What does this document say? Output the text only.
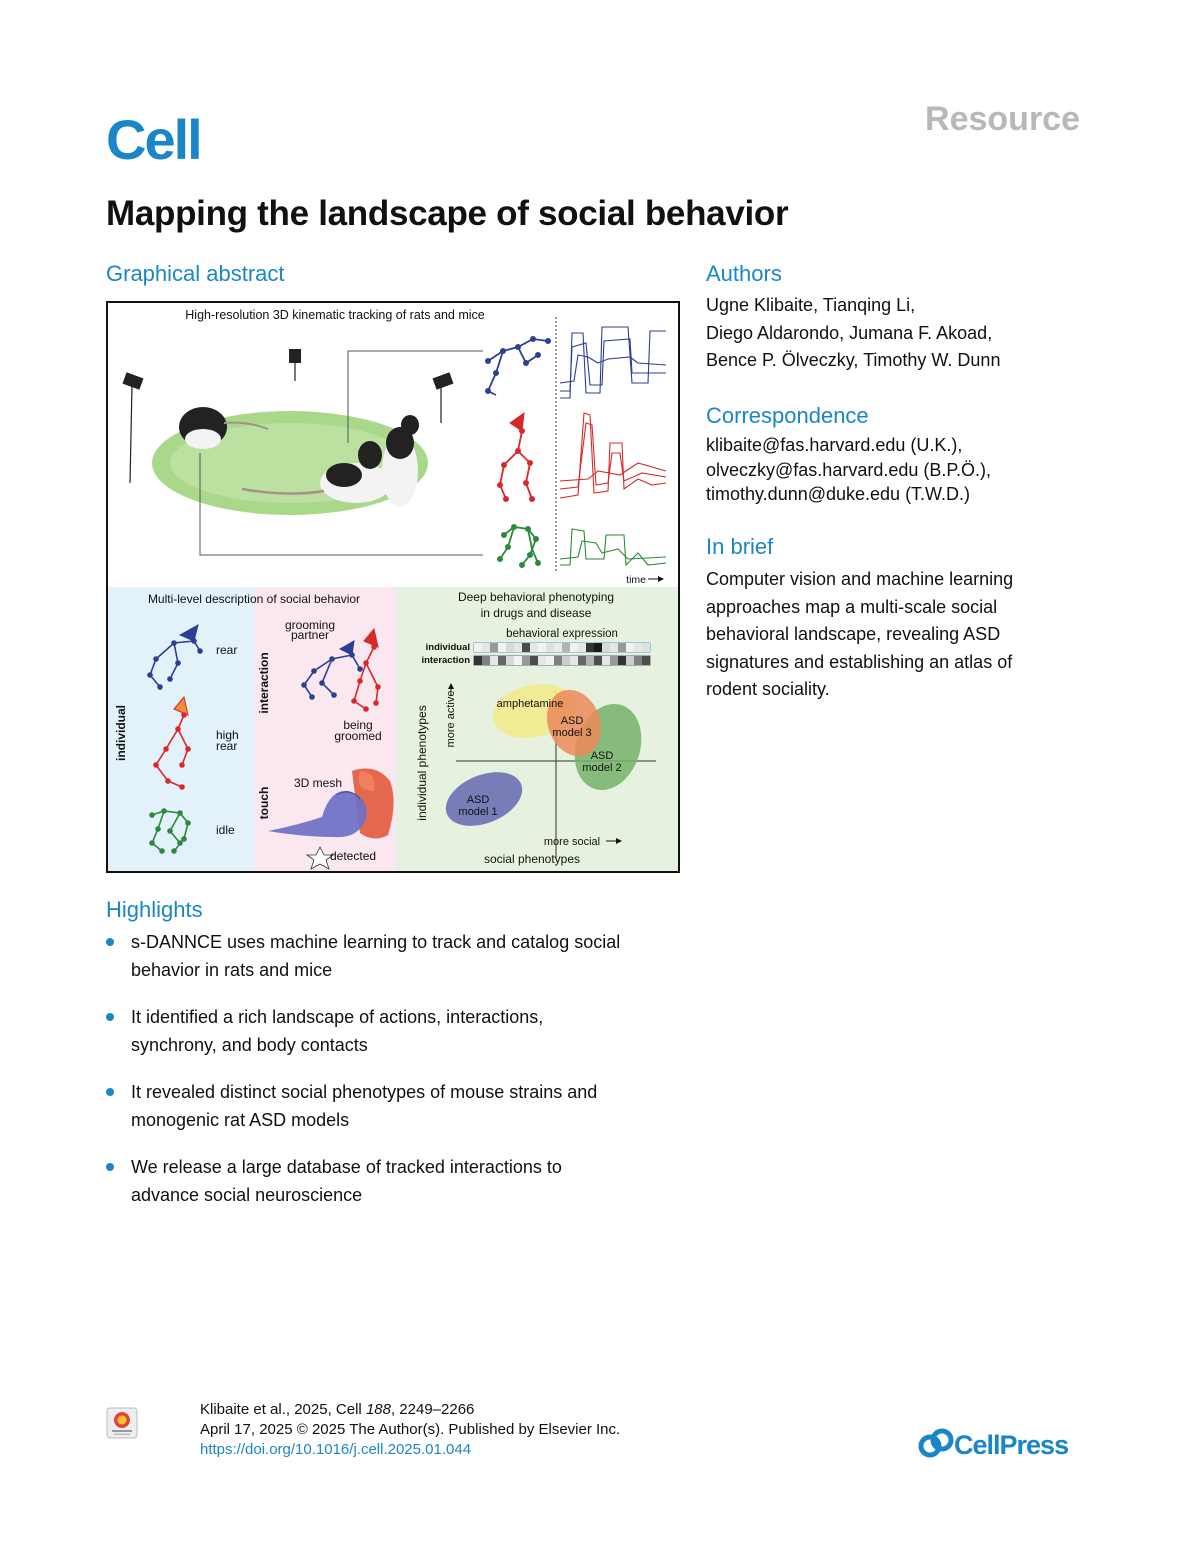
Cell	Resource
Mapping the landscape of social behavior
Graphical abstract
High-resolution 3D kinematic tracking of rats and mice
time
Multi-level description of social behavior
individual
interaction
touch
rear
high
rear
idle
grooming
partner
being
groomed
3D mesh
detected
Deep behavioral phenotyping
in drugs and disease
behavioral expression
individual
interaction
amphetamine
ASD
model 3
ASD
model 2
ASD
model 1
individual phenotypes more active
more social
social phenotypes
Authors
Ugne Klibaite, Tianqing Li,
Diego Aldarondo, Jumana F. Akoad,
Bence P. Ölveczky, Timothy W. Dunn
Correspondence
klibaite@fas.harvard.edu (U.K.),
olveczky@fas.harvard.edu (B.P.Ö.),
timothy.dunn@duke.edu (T.W.D.)
In brief
Computer vision and machine learning
approaches map a multi-scale social
behavioral landscape, revealing ASD
signatures and establishing an atlas of
rodent sociality.
Highlights
s-DANNCE uses machine learning to track and catalog social
behavior in rats and mice
It identified a rich landscape of actions, interactions,
synchrony, and body contacts
It revealed distinct social phenotypes of mouse strains and
monogenic rat ASD models
We release a large database of tracked interactions to
advance social neuroscience
Klibaite et al., 2025, Cell 188, 2249–2266
April 17, 2025 © 2025 The Author(s). Published by Elsevier Inc.
https://doi.org/10.1016/j.cell.2025.01.044	CellPress
